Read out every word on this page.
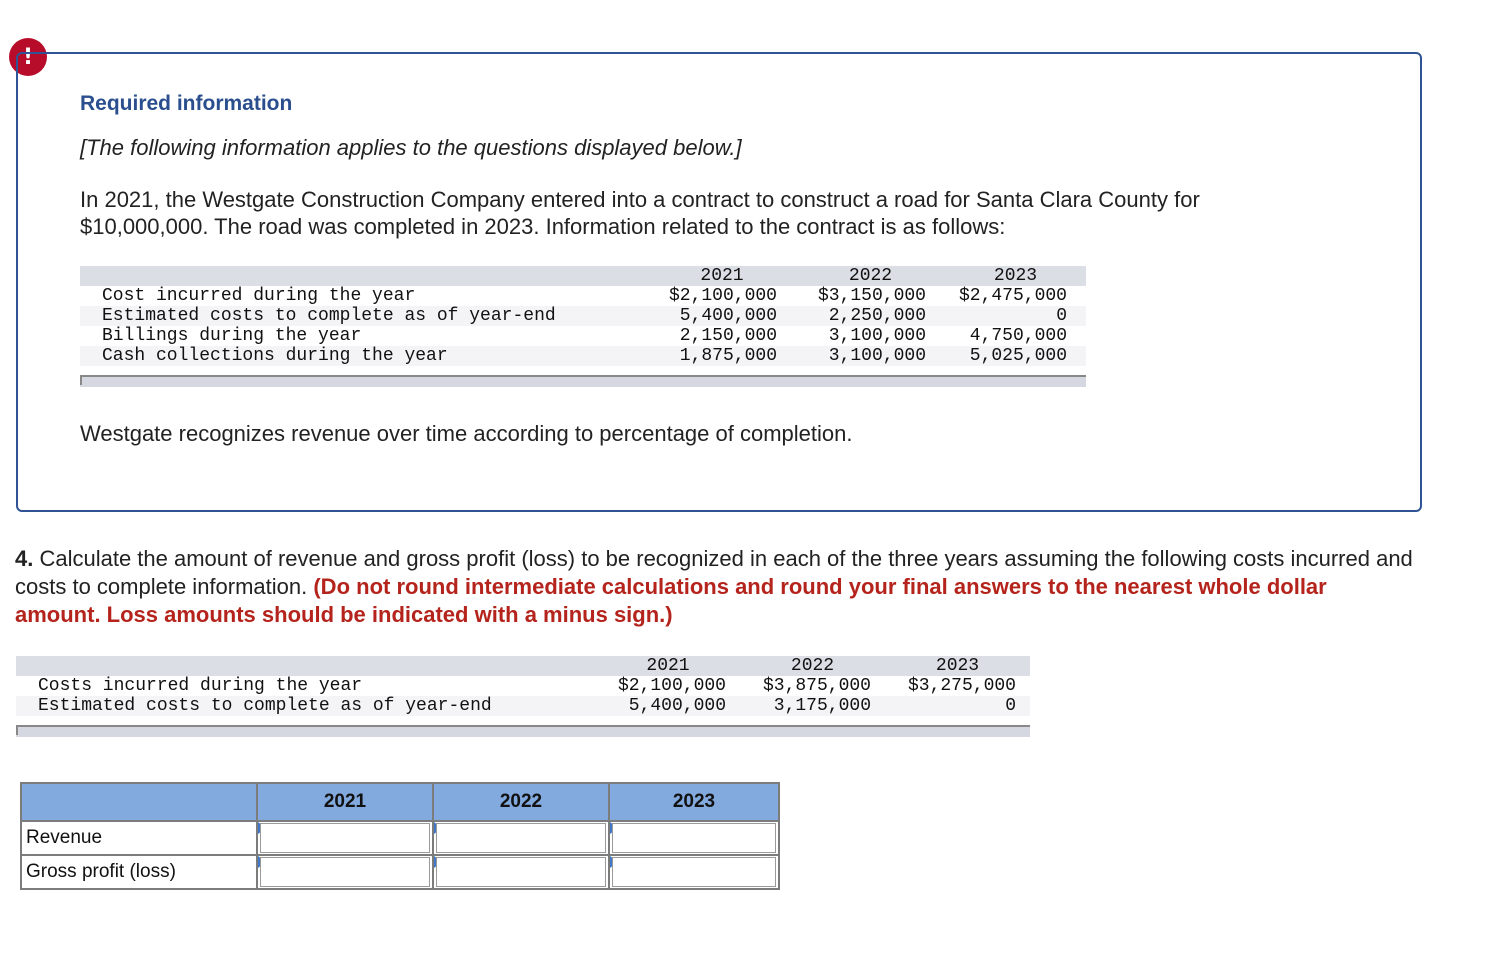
!
Required information
[The following information applies to the questions displayed below.]
In 2021, the Westgate Construction Company entered into a contract to construct a road for Santa Clara County for $10,000,000. The road was completed in 2023. Information related to the contract is as follows:
	2021	2022	2023
Cost incurred during the year	$2,100,000	$3,150,000	$2,475,000
Estimated costs to complete as of year-end	5,400,000	2,250,000	0
Billings during the year	2,150,000	3,100,000	4,750,000
Cash collections during the year	1,875,000	3,100,000	5,025,000
Westgate recognizes revenue over time according to percentage of completion.
4. Calculate the amount of revenue and gross profit (loss) to be recognized in each of the three years assuming the following costs incurred and costs to complete information. (Do not round intermediate calculations and round your final answers to the nearest whole dollar amount. Loss amounts should be indicated with a minus sign.)
	2021	2022	2023
Costs incurred during the year	$2,100,000	$3,875,000	$3,275,000
Estimated costs to complete as of year-end	5,400,000	3,175,000	0
	2021	2022	2023
Revenue	

Gross profit (loss)	
